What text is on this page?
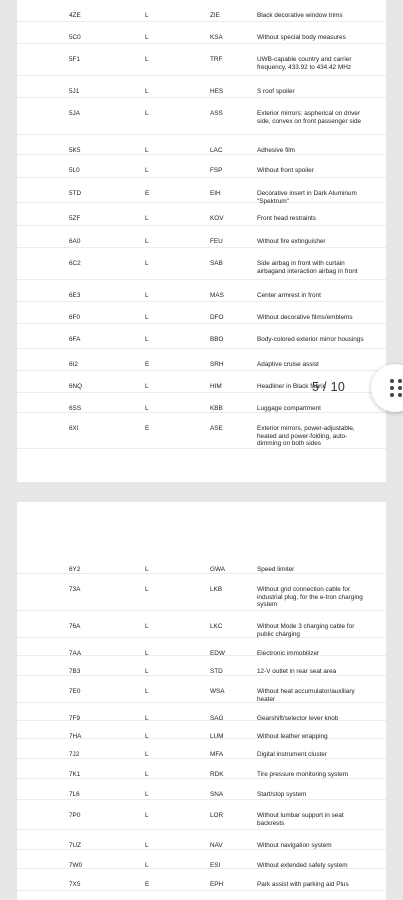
4ZE	L	ZIE	Black decorative window trims
5C0	L	KSA	Without special body measures
5F1	L	TRF	UWB-capable country and carrier frequency, 433.92 to 434.42 MHz
5J1	L	HES	S roof spoiler
5JA	L	ASS	Exterior mirrors: aspherical on driver side, convex on front passenger side
5K5	L	LAC	Adhesive film
5L0	L	FSP	Without front spoiler
5TD	E	EIH	Decorative insert in Dark Aluminum "Spektrum"
5ZF	L	KOV	Front head restraints
6A0	L	FEU	Without fire extinguisher
6C2	L	SAB	Side airbag in front with curtain airbagand interaction airbag in front
6E3	L	MAS	Center armrest in front
6F0	L	DFO	Without decorative films/emblems
6FA	L	BBO	Body-colored exterior mirror housings
6I2	E	SRH	Adaptive cruise assist
6NQ	L	HIM	Headliner in Black fabric
6SS	L	KBB	Luggage compartment
6XI	E	ASE	Exterior mirrors, power-adjustable, heated and power-folding, auto-dimming on both sides
6Y2	L	GWA	Speed limiter
73A	L	LKB	Without grid connection cable for industrial plug, for the e-tron charging system
76A	L	LKC	Without Mode 3 charging cable for public charging
7AA	L	EDW	Electronic immobilizer
7B3	L	STD	12-V outlet in rear seat area
7E0	L	WSA	Without heat accumulator/auxiliary heater
7F9	L	SAG	Gearshift/selector lever knob
7HA	L	LUM	Without leather wrapping
7J2	L	MFA	Digital instrument cluster
7K1	L	RDK	Tire pressure monitoring system
7L6	L	SNA	Start/stop system
7P0	L	LOR	Without lumbar support in seat backrests
7UZ	L	NAV	Without navigation system
7W0	L	ESI	Without extended safety system
7X5	E	EPH	Park assist with parking aid Plus
5 / 10
